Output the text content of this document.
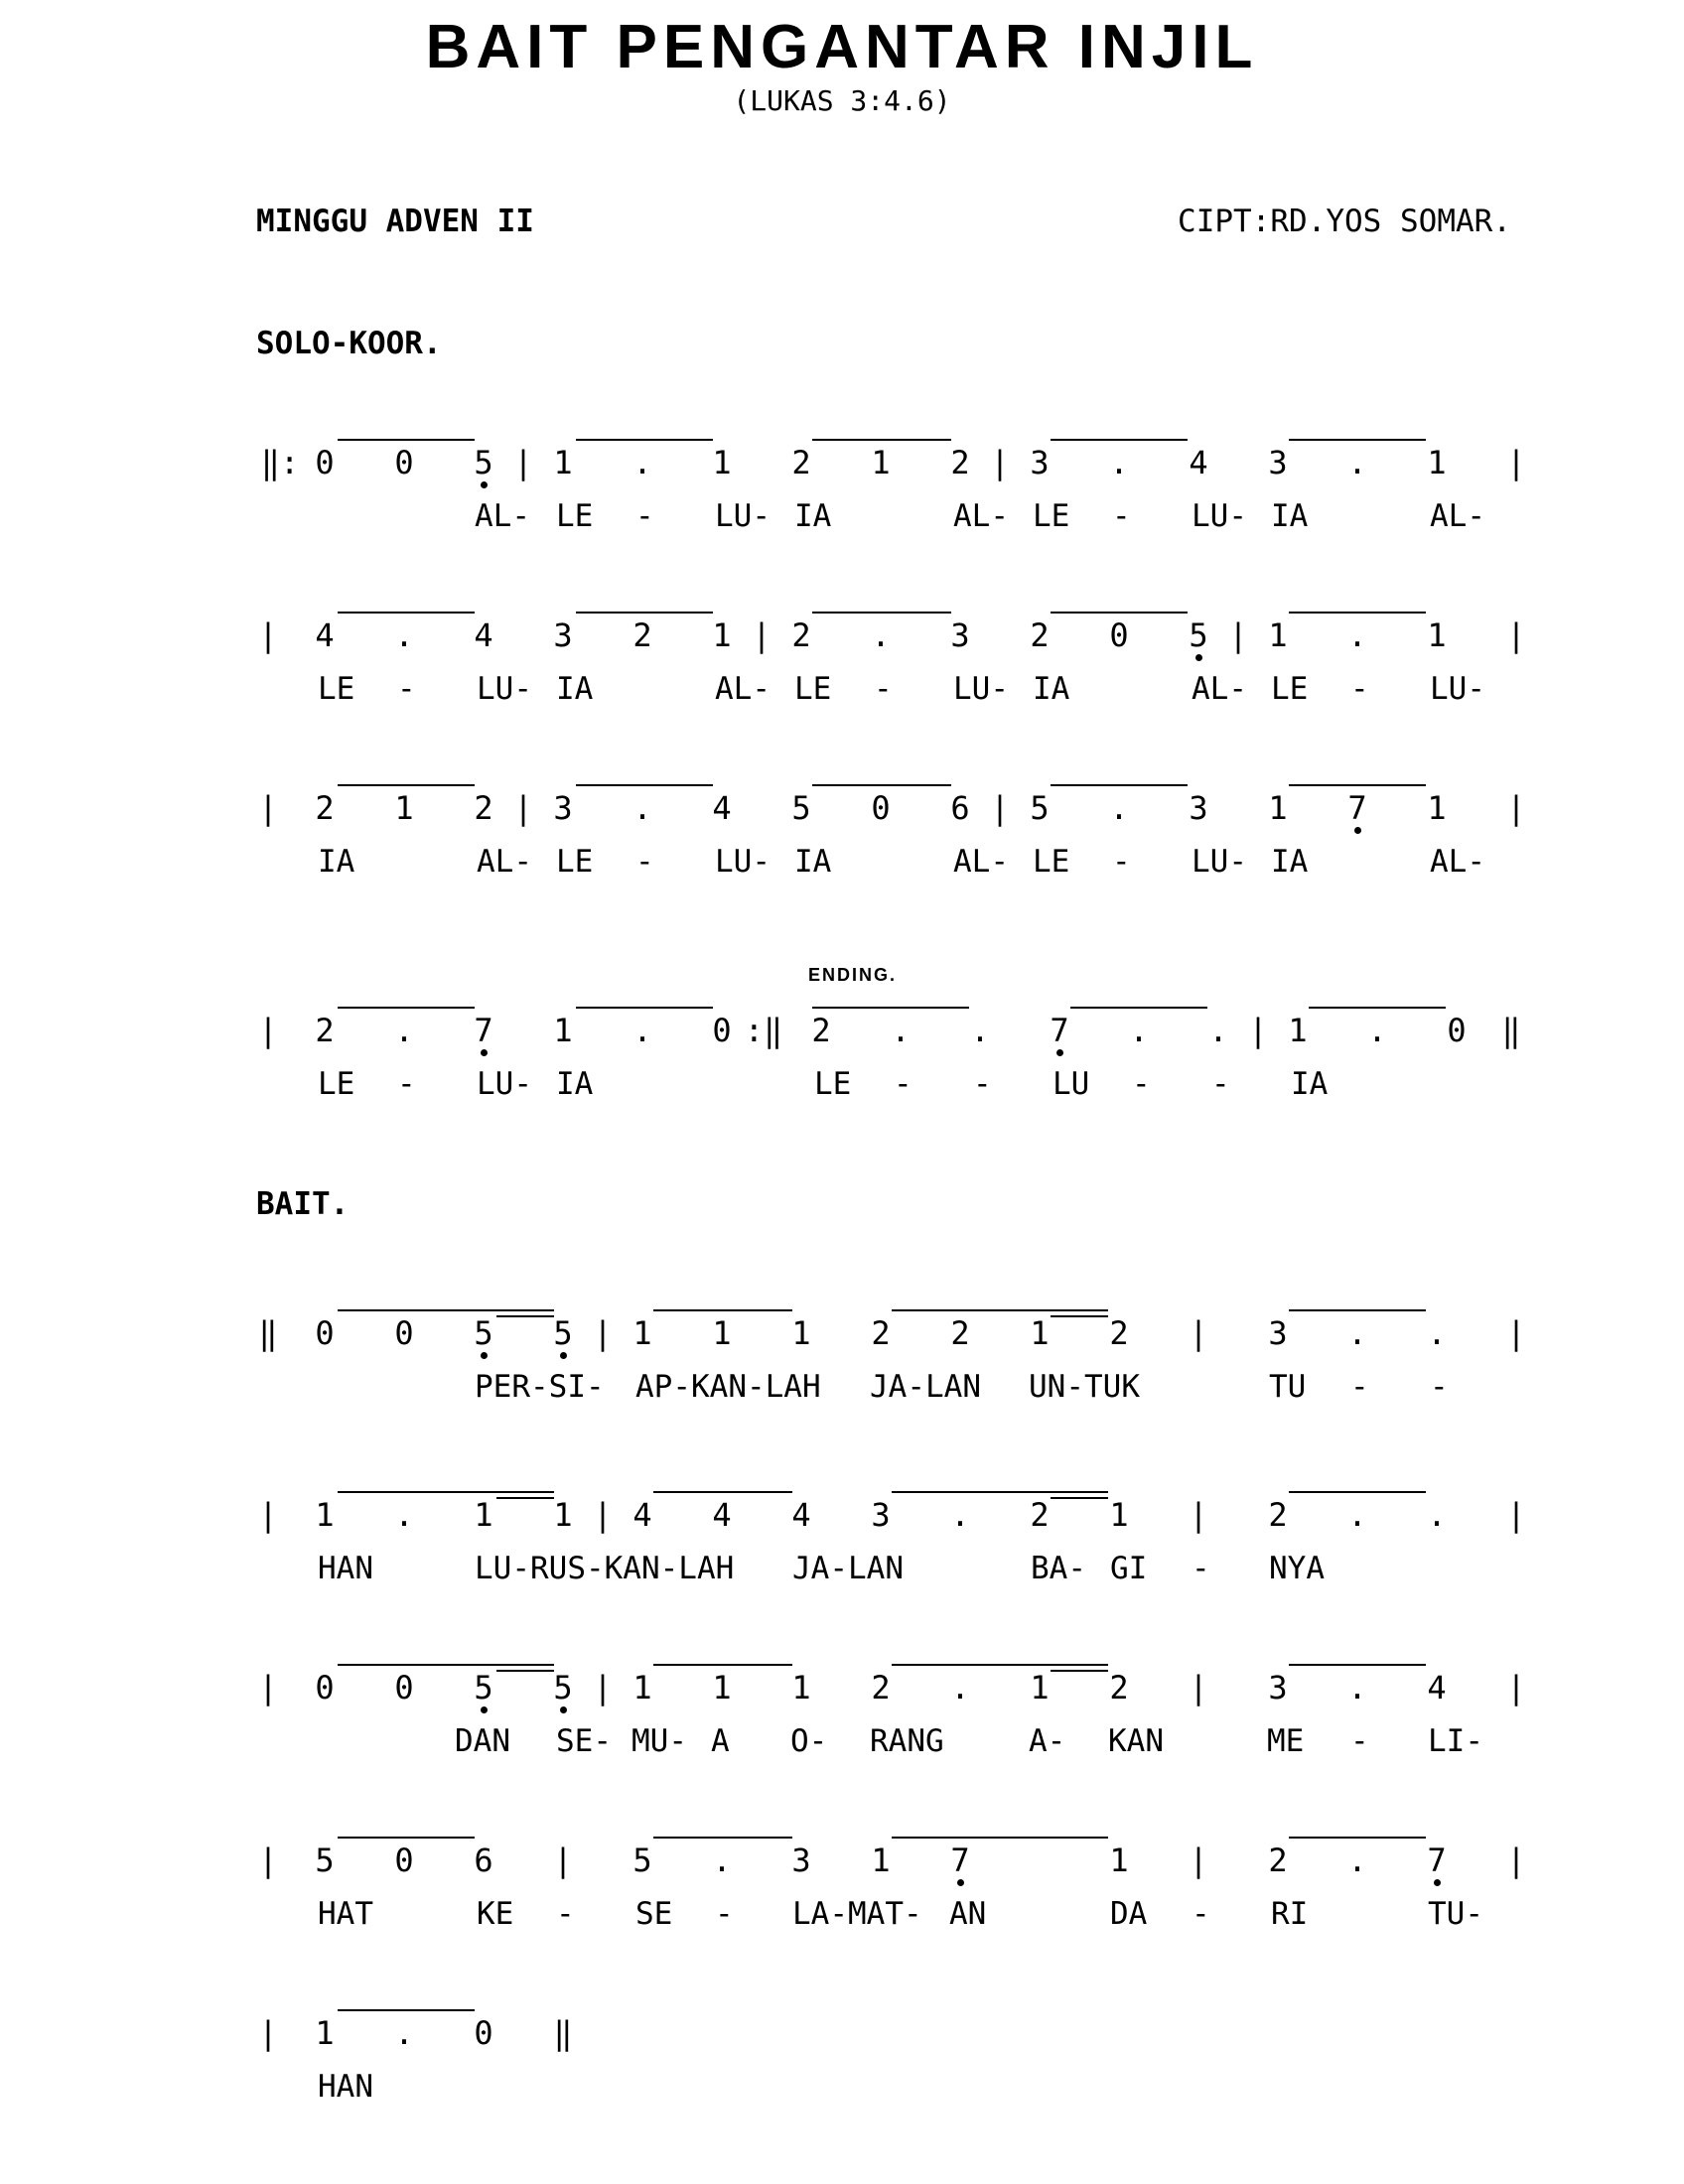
BAIT PENGANTAR INJIL
(LUKAS 3:4.6)
MINGGU ADVEN II	CIPT:RD.YOS SOMAR.
SOLO-KOOR.
BAIT.
ENDING.
‖: 0 0 5 | 1 . 1 2 1 2 | 3 . 4 3 . 1 |
AL- LE - LU- IA	AL- LE - LU- IA	AL-
| 4 . 4 3 2 1 | 2 . 3 2 0 5 | 1 . 1 |
LE - LU- IA	AL- LE - LU- IA	AL- LE - LU-
| 2 1 2 | 3 . 4 5 0 6 | 5 . 3 1 7 1 |
IA	AL- LE - LU- IA	AL- LE - LU- IA	AL-
| 2 . 7 1 . 0 :‖ 2 . . 7 . . | 1 . 0 ‖
LE - LU- IA	LE - - LU - - IA
‖ 0 0 5 5 | 1 1 1 2 2 1 2 | 3 . . |
PER-SI- AP-KAN-LAH JA-LAN UN-TUK	TU - -
| 1 . 1 1 | 4 4 4 3 . 2 1 | 2 . . |
HAN	LU-RUS-KAN-LAH JA-LAN	BA- GI - NYA
| 0 0 5 5 | 1 1 1 2 . 1 2 | 3 . 4 |
DAN SE- MU- A O- RANG	A- KAN	ME - LI-
| 5 0 6 | 5 . 3 1 7	1 | 2 . 7 |
HAT	KE - SE - LA-MAT- AN	DA - RI	TU-
| 1 . 0 ‖
HAN
